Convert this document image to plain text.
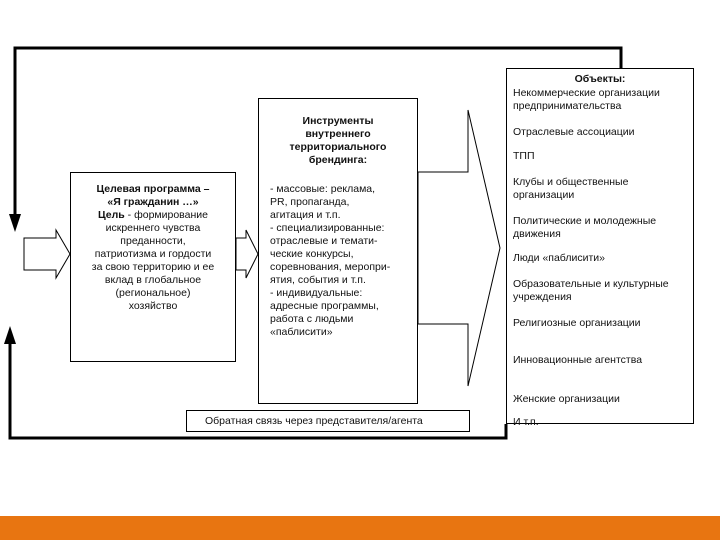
Целевая программа –
«Я гражданин …»
Цель - формирование
искреннего чувства
преданности,
патриотизма и гордости
за свою территорию и ее
вклад в глобальное
(региональное)
хозяйство
Инструменты
внутреннего
территориального
брендинга:
- массовые: реклама,
PR, пропаганда,
агитация и т.п.
- специализированные:
отраслевые и темати-
ческие конкурсы,
соревнования, меропри-
ятия, события и т.п.
- индивидуальные:
адресные программы,
работа с людьми
«паблисити»
Объекты:
Некоммерческие организации предпринимательства
Отраслевые ассоциации
ТПП
Клубы и общественные организации
Политические и молодежные движения
Люди «паблисити»
Образовательные и культурные учреждения
Религиозные организации
Инновационные агентства
Женские организации
И т.п.
Обратная связь через представителя/агента
